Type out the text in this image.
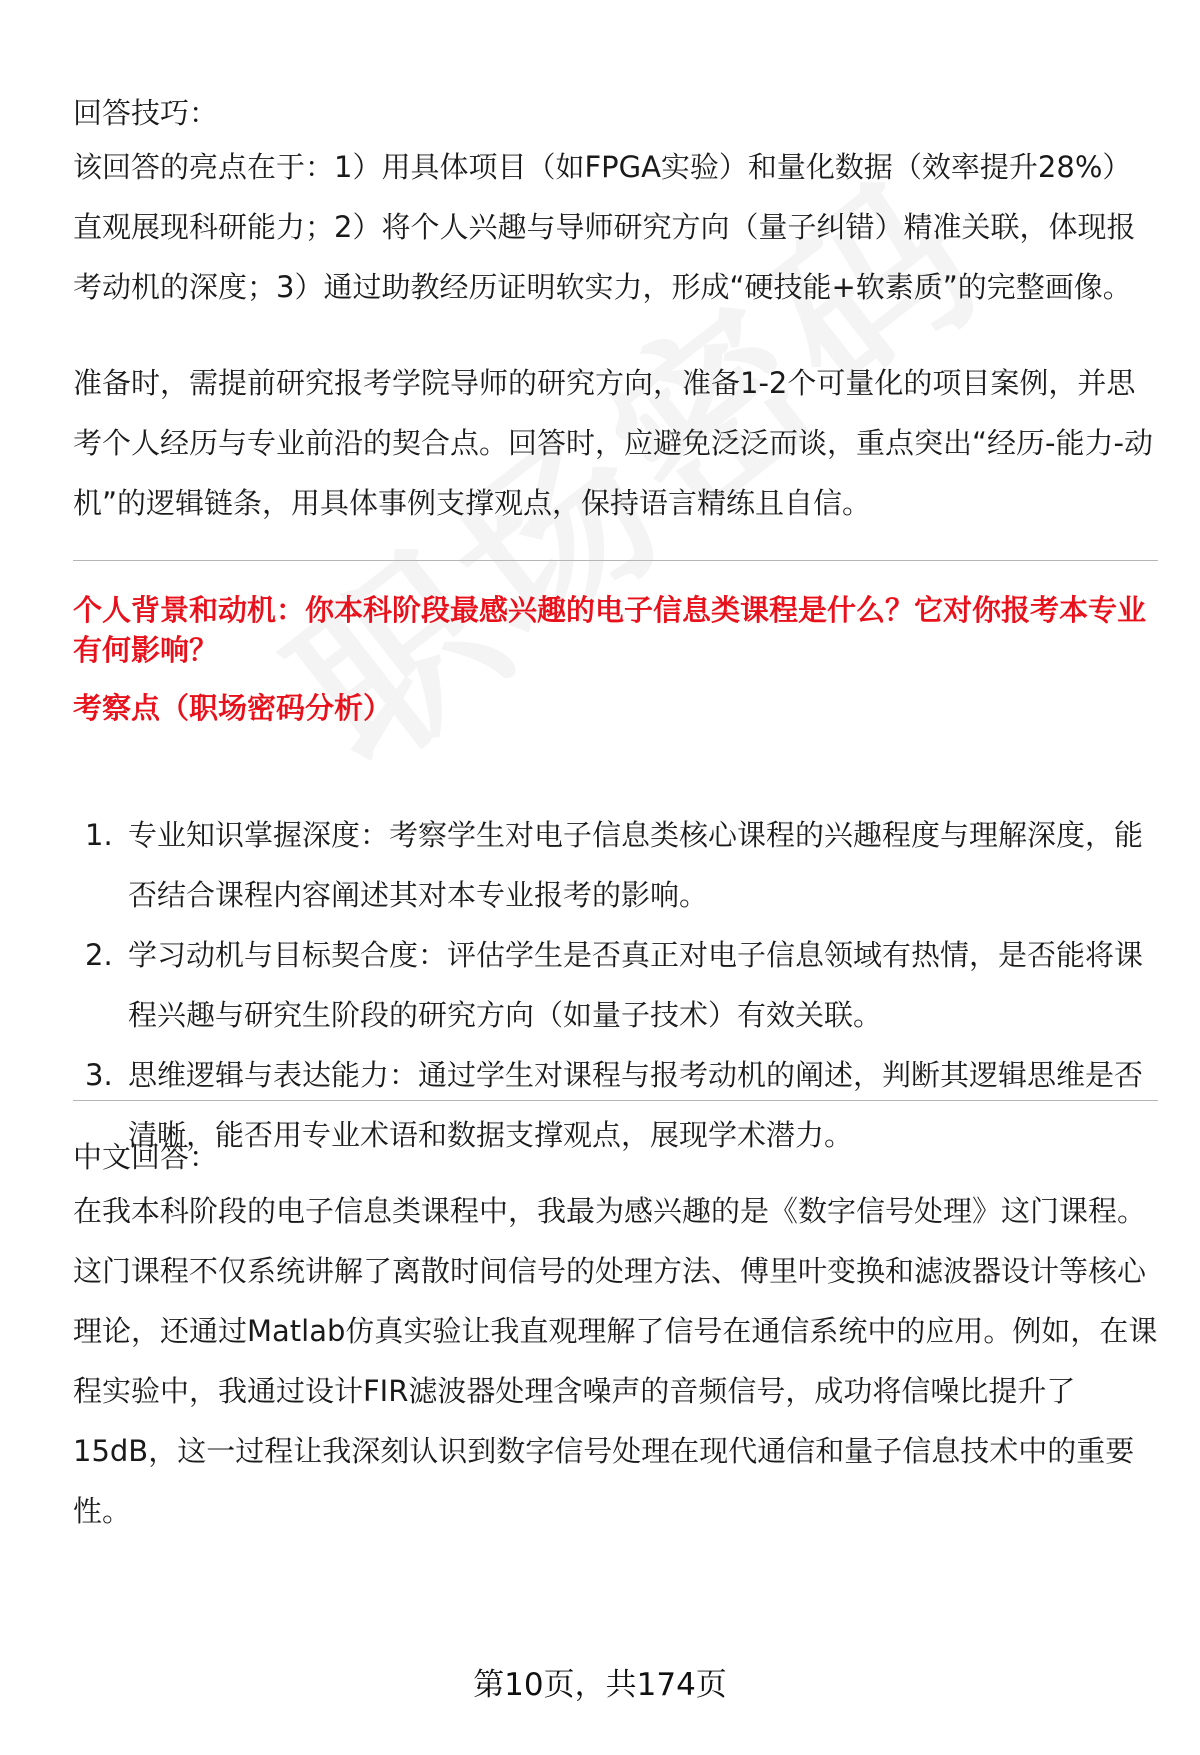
回答技巧：

该回答的亮点在于：1）用具体项目（如FPGA实验）和量化数据（效率提升28%）直观展现科研能力；2）将个人兴趣与导师研究方向（量子纠错）精准关联，体现报考动机的深度；3）通过助教经历证明软实力，形成“硬技能+软素质”的完整画像。

准备时，需提前研究报考学院导师的研究方向，准备1-2个可量化的项目案例，并思考个人经历与专业前沿的契合点。回答时，应避免泛泛而谈，重点突出“经历-能力-动机”的逻辑链条，用具体事例支撑观点，保持语言精练且自信。

个人背景和动机：你本科阶段最感兴趣的电子信息类课程是什么？它对你报考本专业有何影响？

考察点（职场密码分析）

1. 专业知识掌握深度：考察学生对电子信息类核心课程的兴趣程度与理解深度，能否结合课程内容阐述其对本专业报考的影响。
2. 学习动机与目标契合度：评估学生是否真正对电子信息领域有热情，是否能将课程兴趣与研究生阶段的研究方向（如量子技术）有效关联。
3. 思维逻辑与表达能力：通过学生对课程与报考动机的阐述，判断其逻辑思维是否清晰，能否用专业术语和数据支撑观点，展现学术潜力。

中文回答：

在我本科阶段的电子信息类课程中，我最为感兴趣的是《数字信号处理》这门课程。这门课程不仅系统讲解了离散时间信号的处理方法、傅里叶变换和滤波器设计等核心理论，还通过Matlab仿真实验让我直观理解了信号在通信系统中的应用。例如，在课程实验中，我通过设计FIR滤波器处理含噪声的音频信号，成功将信噪比提升了15dB，这一过程让我深刻认识到数字信号处理在现代通信和量子信息技术中的重要性。

第10页，共174页
